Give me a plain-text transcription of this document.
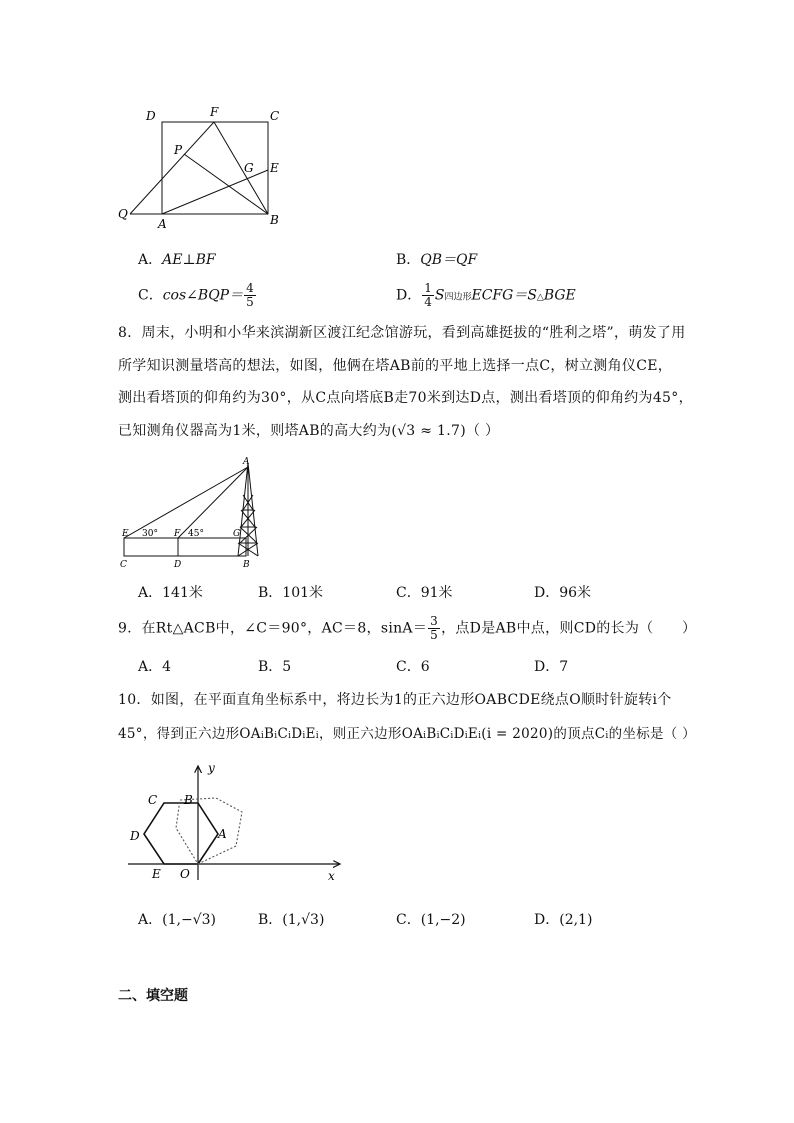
D	F	C
P
G E
Q
A	B
A．AE⊥BF	B．QB＝QF
C．cos∠BQP＝ $\frac{4}{5}$	D． $\frac{1}{4}$ S四边形ECFG＝S△BGE
8．周末，小明和小华来滨湖新区渡江纪念馆游玩，看到高雄挺拔的“胜利之塔”，萌发了用
所学知识测量塔高的想法，如图，他俩在塔AB前的平地上选择一点C，树立测角仪CE，
测出看塔顶的仰角约为30°，从C点向塔底B走70米到达D点，测出看塔顶的仰角约为45°，
已知测角仪器高为1米，则塔AB的高大约为(√3 ≈ 1.7)（ ）
A
E 30° F 45°	G
C	D	B
A．141米	B．101米	C．91米	D．96米
9．在Rt△ACB中，∠C＝90°，AC＝8，$\sin A= \frac{3}{5}$ ，点D是AB中点，则CD的长为（　　）
A．4	B．5	C．6	D．7
10．如图，在平面直角坐标系中，将边长为1的正六边形OABCDE绕点O顺时针旋转i个
45°，得到正六边形OAiBiCiDiEi，则正六边形OAiBiCiDiEi(i = 2020)的顶点Ci的坐标是（ ）
y
x
O
A
B
C
D
E
A．(1,−√3)	B．(1,√3)	C．(1,−2)	D．(2,1)
二、填空题
